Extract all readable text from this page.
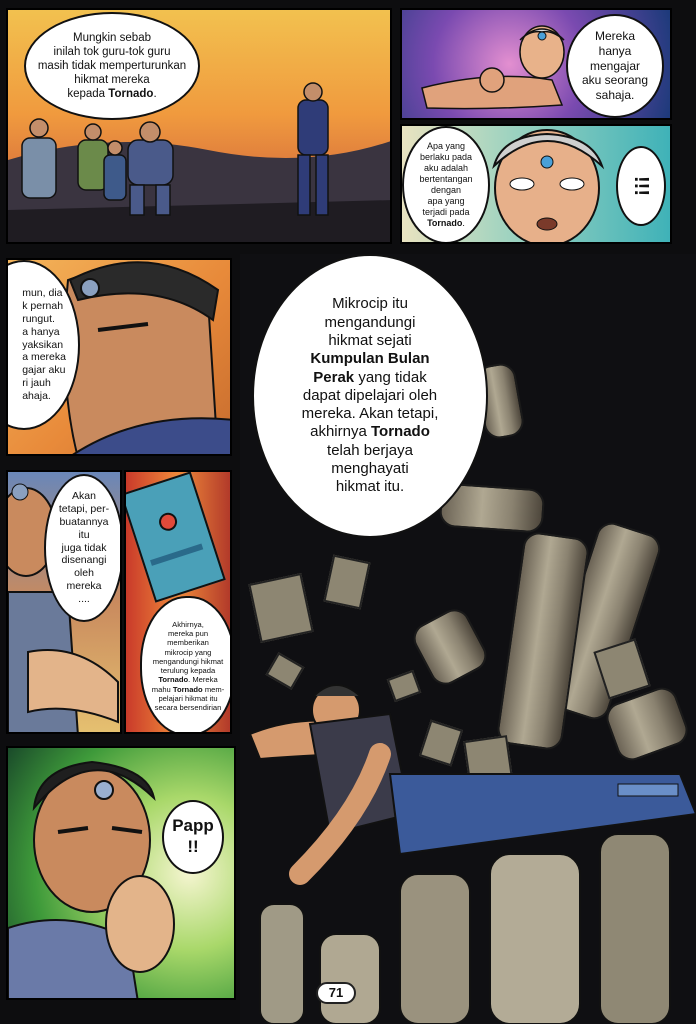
Mungkin sebab
inilah tok guru-tok guru
masih tidak memperturunkan
hikmat mereka
kepada Tornado.
Mereka
hanya
mengajar
aku seorang
sahaja.
Apa yang
berlaku pada
aku adalah
bertentangan
dengan
apa yang
terjadi pada
Tornado.
!!!
mun, dia
k pernah
rungut.
a hanya
yaksikan
a mereka
gajar aku
ri jauh
ahaja.
Mikrocip itu
mengandungi
hikmat sejati
Kumpulan Bulan
Perak yang tidak
dapat dipelajari oleh
mereka. Akan tetapi,
akhirnya Tornado
telah berjaya
menghayati
hikmat itu.
Akan
tetapi, per-
buatannya
itu
juga tidak
disenangi
oleh
mereka
....
Akhirnya,
mereka pun
memberikan
mikrocip yang
mengandungi hikmat
terulung kepada
Tornado. Mereka
mahu Tornado mem-
pelajari hikmat itu
secara bersendirian
Papp
!!
71
